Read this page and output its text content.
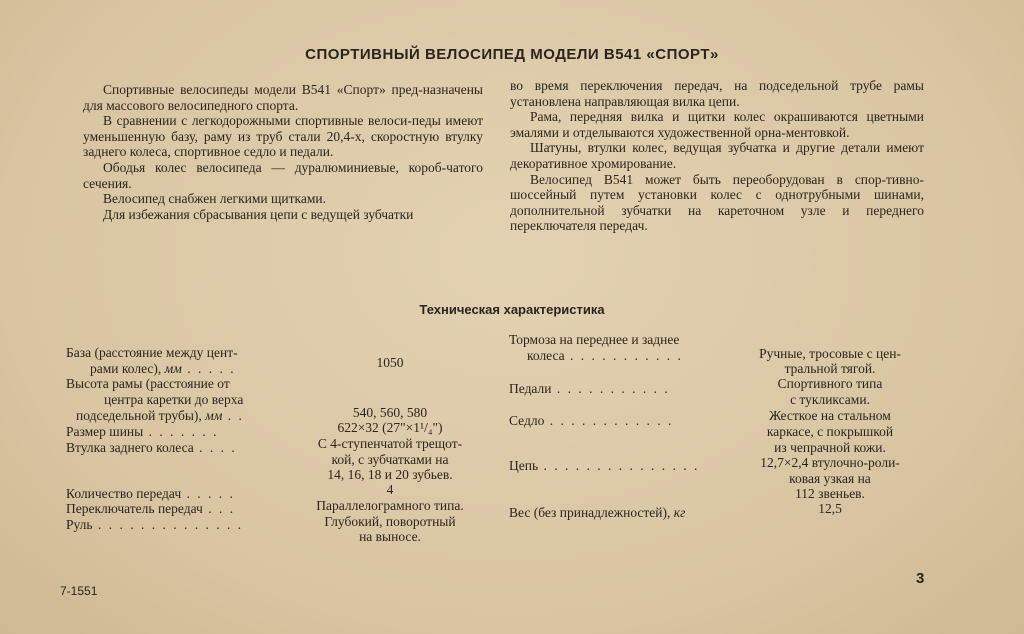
СПОРТИВНЫЙ ВЕЛОСИПЕД МОДЕЛИ В541 «СПОРТ»

Спортивные велосипеды модели В541 «Спорт» пред-назначены для массового велосипедного спорта.

В сравнении с легкодорожными спортивные велоси-педы имеют уменьшенную базу, раму из труб стали 20,4-х, скоростную втулку заднего колеса, спортивное седло и педали.

Ободья колес велосипеда — дуралюминиевые, короб-чатого сечения.

Велосипед снабжен легкими щитками.

Для избежания сбрасывания цепи с ведущей зубчатки

во время переключения передач, на подседельной трубе рамы установлена направляющая вилка цепи.

Рама, передняя вилка и щитки колес окрашиваются цветными эмалями и отделываются художественной орна-ментовкой.

Шатуны, втулки колес, ведущая зубчатка и другие детали имеют декоративное хромирование.

Велосипед В541 может быть переоборудован в спор-тивно-шоссейный путем установки колес с однотрубными шинами, дополнительной зубчатки на кареточном узле и переднего переключателя передач.

Техническая характеристика
База (расстояние между цент-
рами колес), мм . . . . .	1050
Высота рамы (расстояние от
центра каретки до верха
подседельной трубы), мм . .	540, 560, 580
Размер шины . . . . . . .	622×32 (27"×1¹/₄")
Втулка заднего колеса . . . .	С 4-ступенчатой трещот-
кой, с зубчатками на
14, 16, 18 и 20 зубьев.
Количество передач . . . . .	4
Переключатель передач . . .	Параллелограмного типа.
Руль . . . . . . . . . . . . . .	Глубокий, поворотный
на выносе.
Тормоза на переднее и заднее
колеса . . . . . . . . . . .	Ручные, тросовые с цен-
тральной тягой.
Педали . . . . . . . . . . .	Спортивного типа
с тукликсами.
Седло . . . . . . . . . . . .	Жесткое на стальном
каркасе, с покрышкой
из чепрачной кожи.
Цепь . . . . . . . . . . . . . . .	12,7×2,4 втулочно-роли-
ковая узкая на
112 звеньев.
Вес (без принадлежностей), кг	12,5
7-1551
3
